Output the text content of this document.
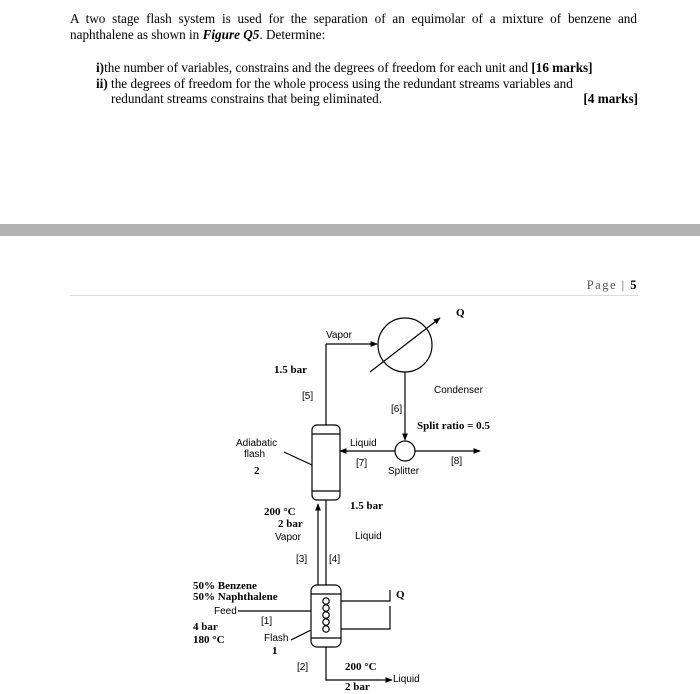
A two stage flash system is used for the separation of an equimolar of a mixture of benzene and naphthalene as shown in Figure Q5. Determine:
i)the number of variables, constrains and the degrees of freedom for each unit and [16 marks]
ii) the degrees of freedom for the whole process using the redundant streams variables and
redundant streams constrains that being eliminated.	[4 marks]
Page | 5
Vapor
Q
1.5 bar
[5]
Condenser
[6]
Split ratio = 0.5
Adiabatic
flash
2
Liquid
[7]
Splitter
[8]
200 °C
2 bar
Vapor
1.5 bar
Liquid
[3] [4]
50% Benzene
50% Naphthalene
Feed
[1]
4 bar
180 °C
Q
Flash
1
[2]	200 °C
2 bar
Liquid
